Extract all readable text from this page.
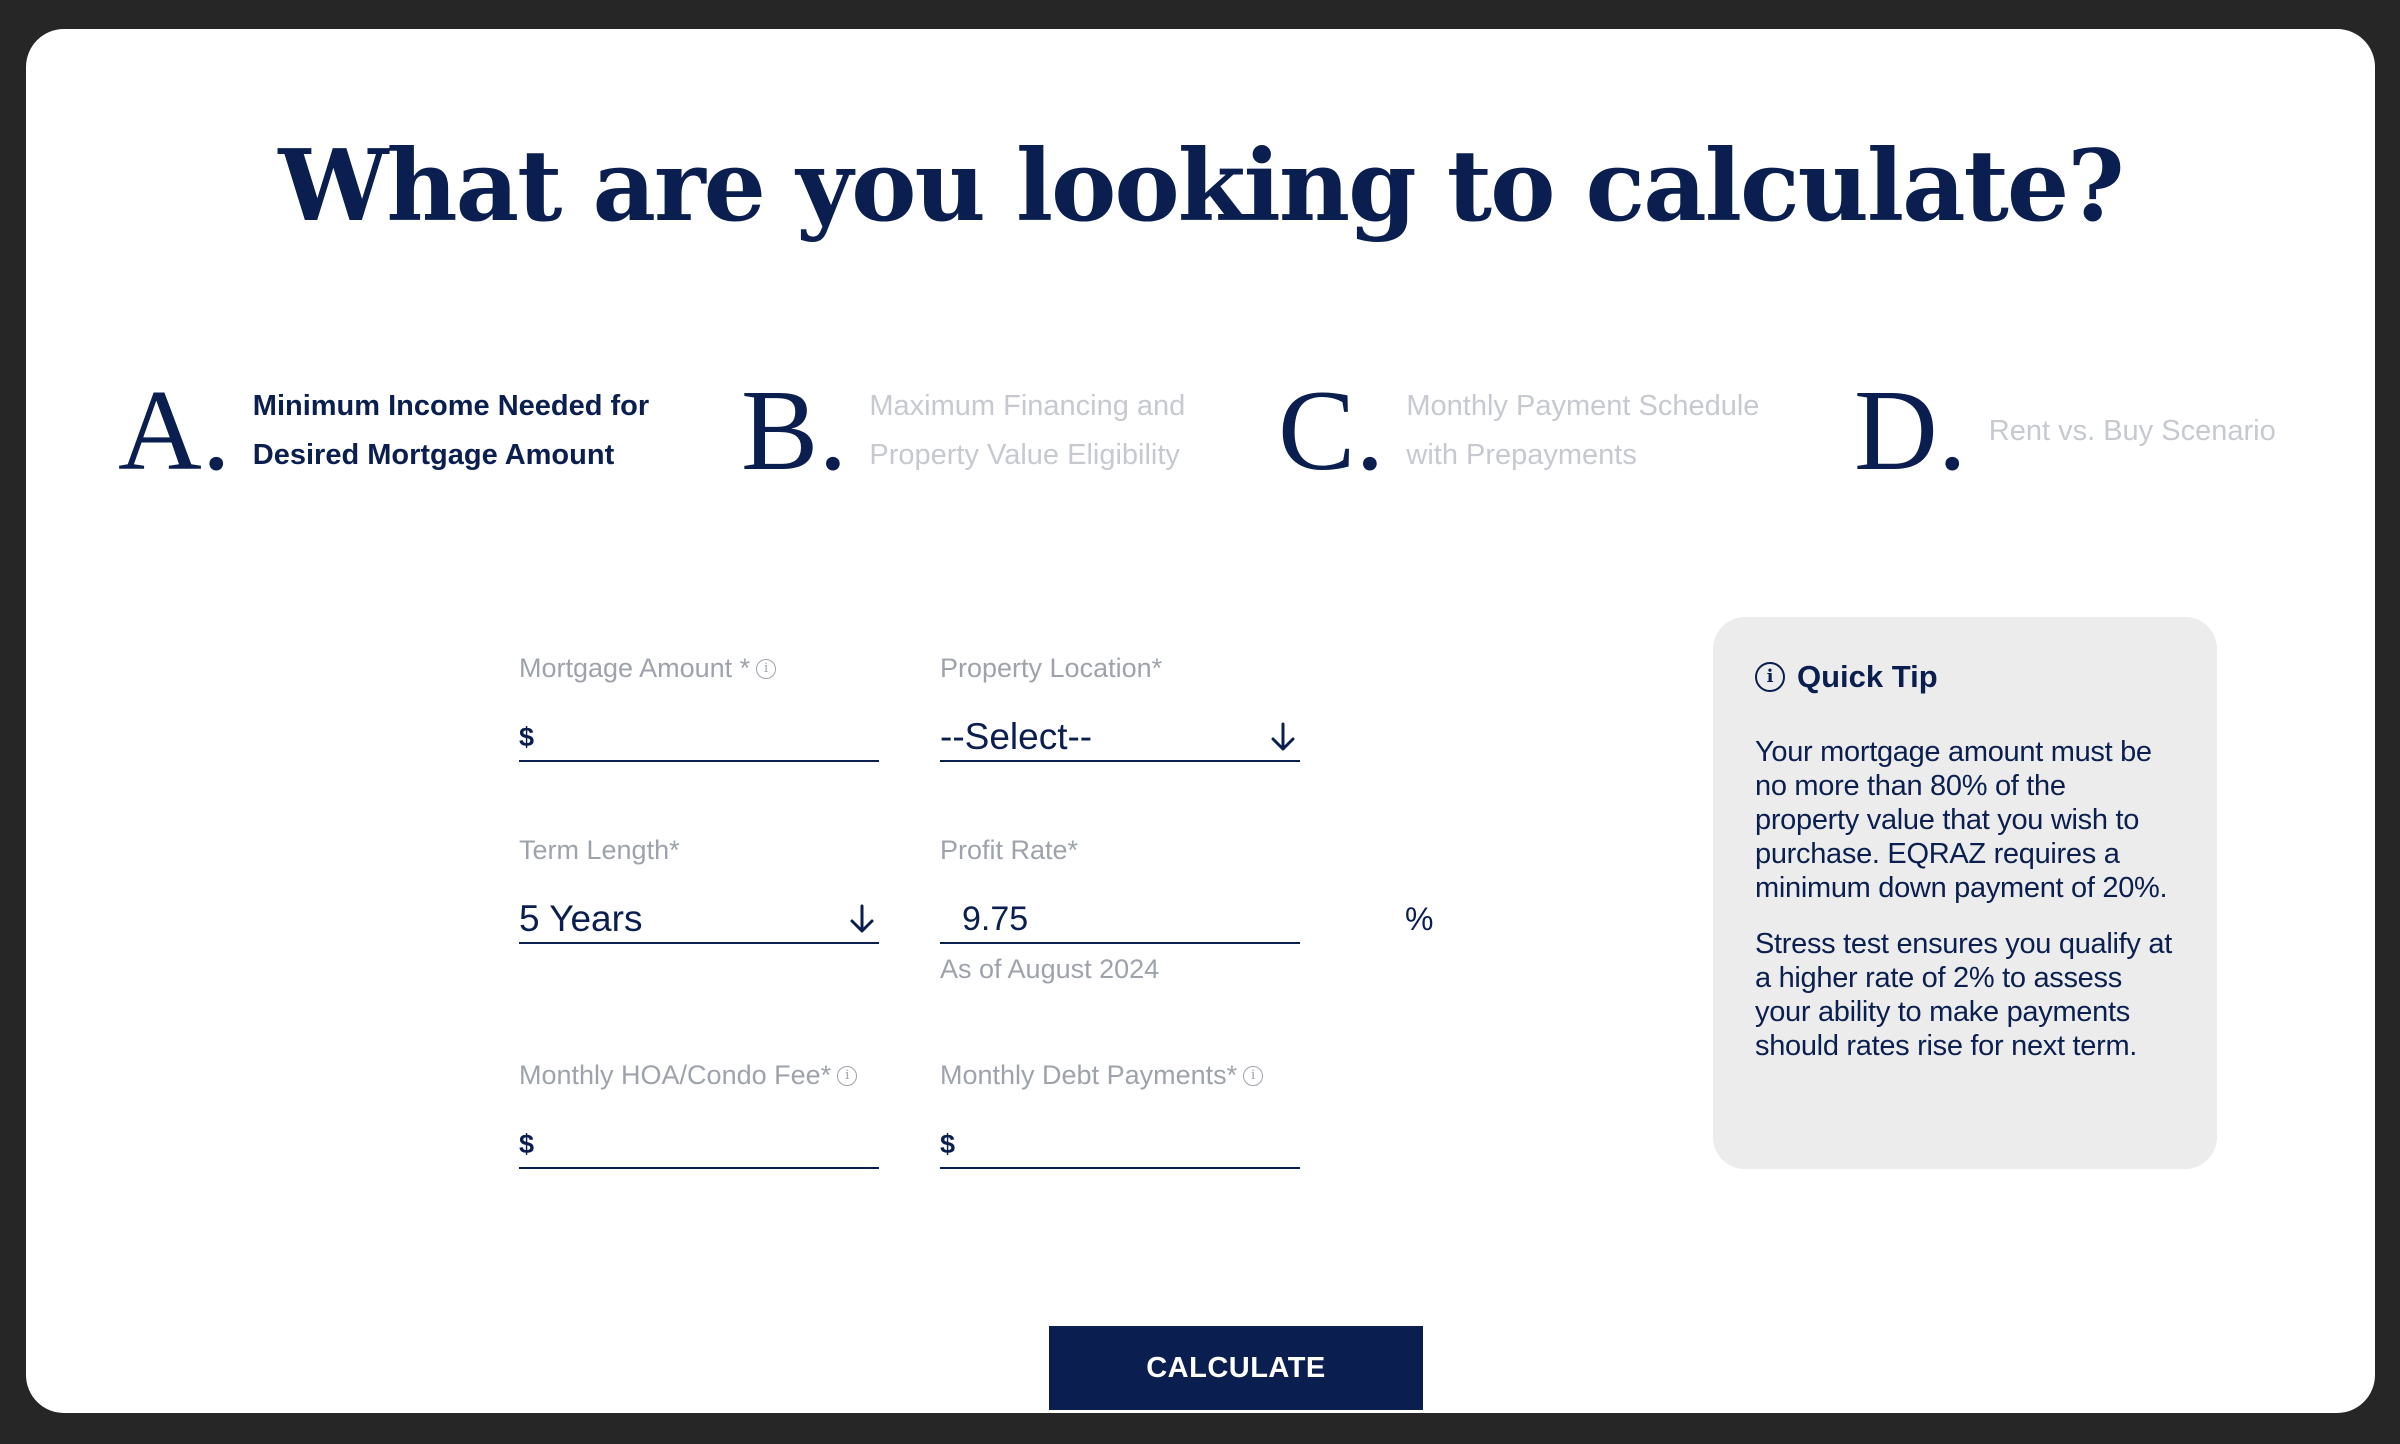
What are you looking to calculate?
A. Minimum Income Needed for Desired Mortgage Amount	B. Maximum Financing and Property Value Eligibility C. Monthly Payment Schedule with Prepayments	D. Rent vs. Buy Scenario
Mortgage Amount *	i
$
Property Location*
--Select--
Term Length*
5 Years
Profit Rate*
9.75
%
As of August 2024
Monthly HOA/Condo Fee*	i
$
Monthly Debt Payments*	i
$
i Quick Tip

Your mortgage amount must be no more than 80% of the property value that you wish to purchase. EQRAZ requires a minimum down payment of 20%.

Stress test ensures you qualify at a higher rate of 2% to assess your ability to make payments should rates rise for next term.

CALCULATE
